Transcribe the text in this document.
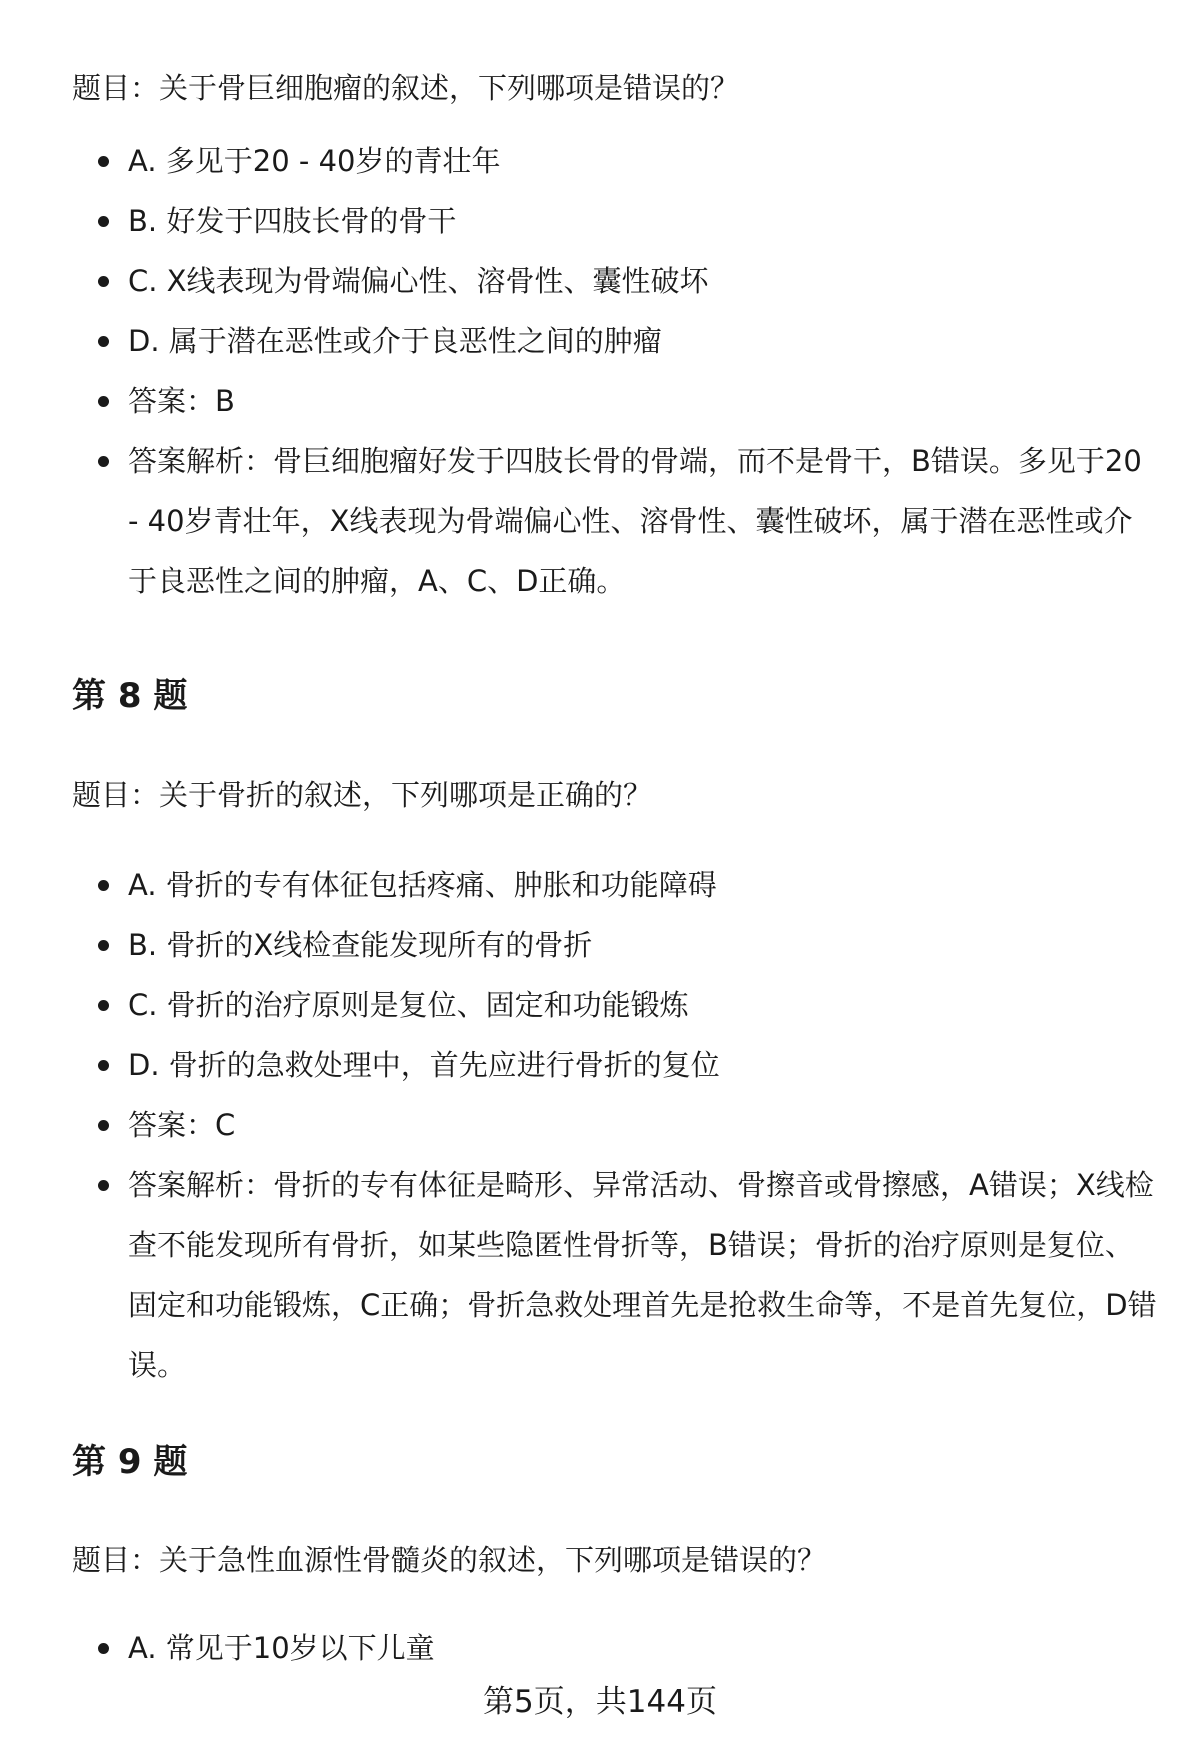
题目：关于骨巨细胞瘤的叙述，下列哪项是错误的？
A. 多见于20 - 40岁的青壮年
B. 好发于四肢长骨的骨干
C. X线表现为骨端偏心性、溶骨性、囊性破坏
D. 属于潜在恶性或介于良恶性之间的肿瘤
答案：B
答案解析：骨巨细胞瘤好发于四肢长骨的骨端，而不是骨干，B错误。多见于20 - 40岁青壮年，X线表现为骨端偏心性、溶骨性、囊性破坏，属于潜在恶性或介于良恶性之间的肿瘤，A、C、D正确。
第 8 题
题目：关于骨折的叙述，下列哪项是正确的？
A. 骨折的专有体征包括疼痛、肿胀和功能障碍
B. 骨折的X线检查能发现所有的骨折
C. 骨折的治疗原则是复位、固定和功能锻炼
D. 骨折的急救处理中，首先应进行骨折的复位
答案：C
答案解析：骨折的专有体征是畸形、异常活动、骨擦音或骨擦感，A错误；X线检查不能发现所有骨折，如某些隐匿性骨折等，B错误；骨折的治疗原则是复位、固定和功能锻炼，C正确；骨折急救处理首先是抢救生命等，不是首先复位，D错误。
第 9 题
题目：关于急性血源性骨髓炎的叙述，下列哪项是错误的？
A. 常见于10岁以下儿童
第5页，共144页
